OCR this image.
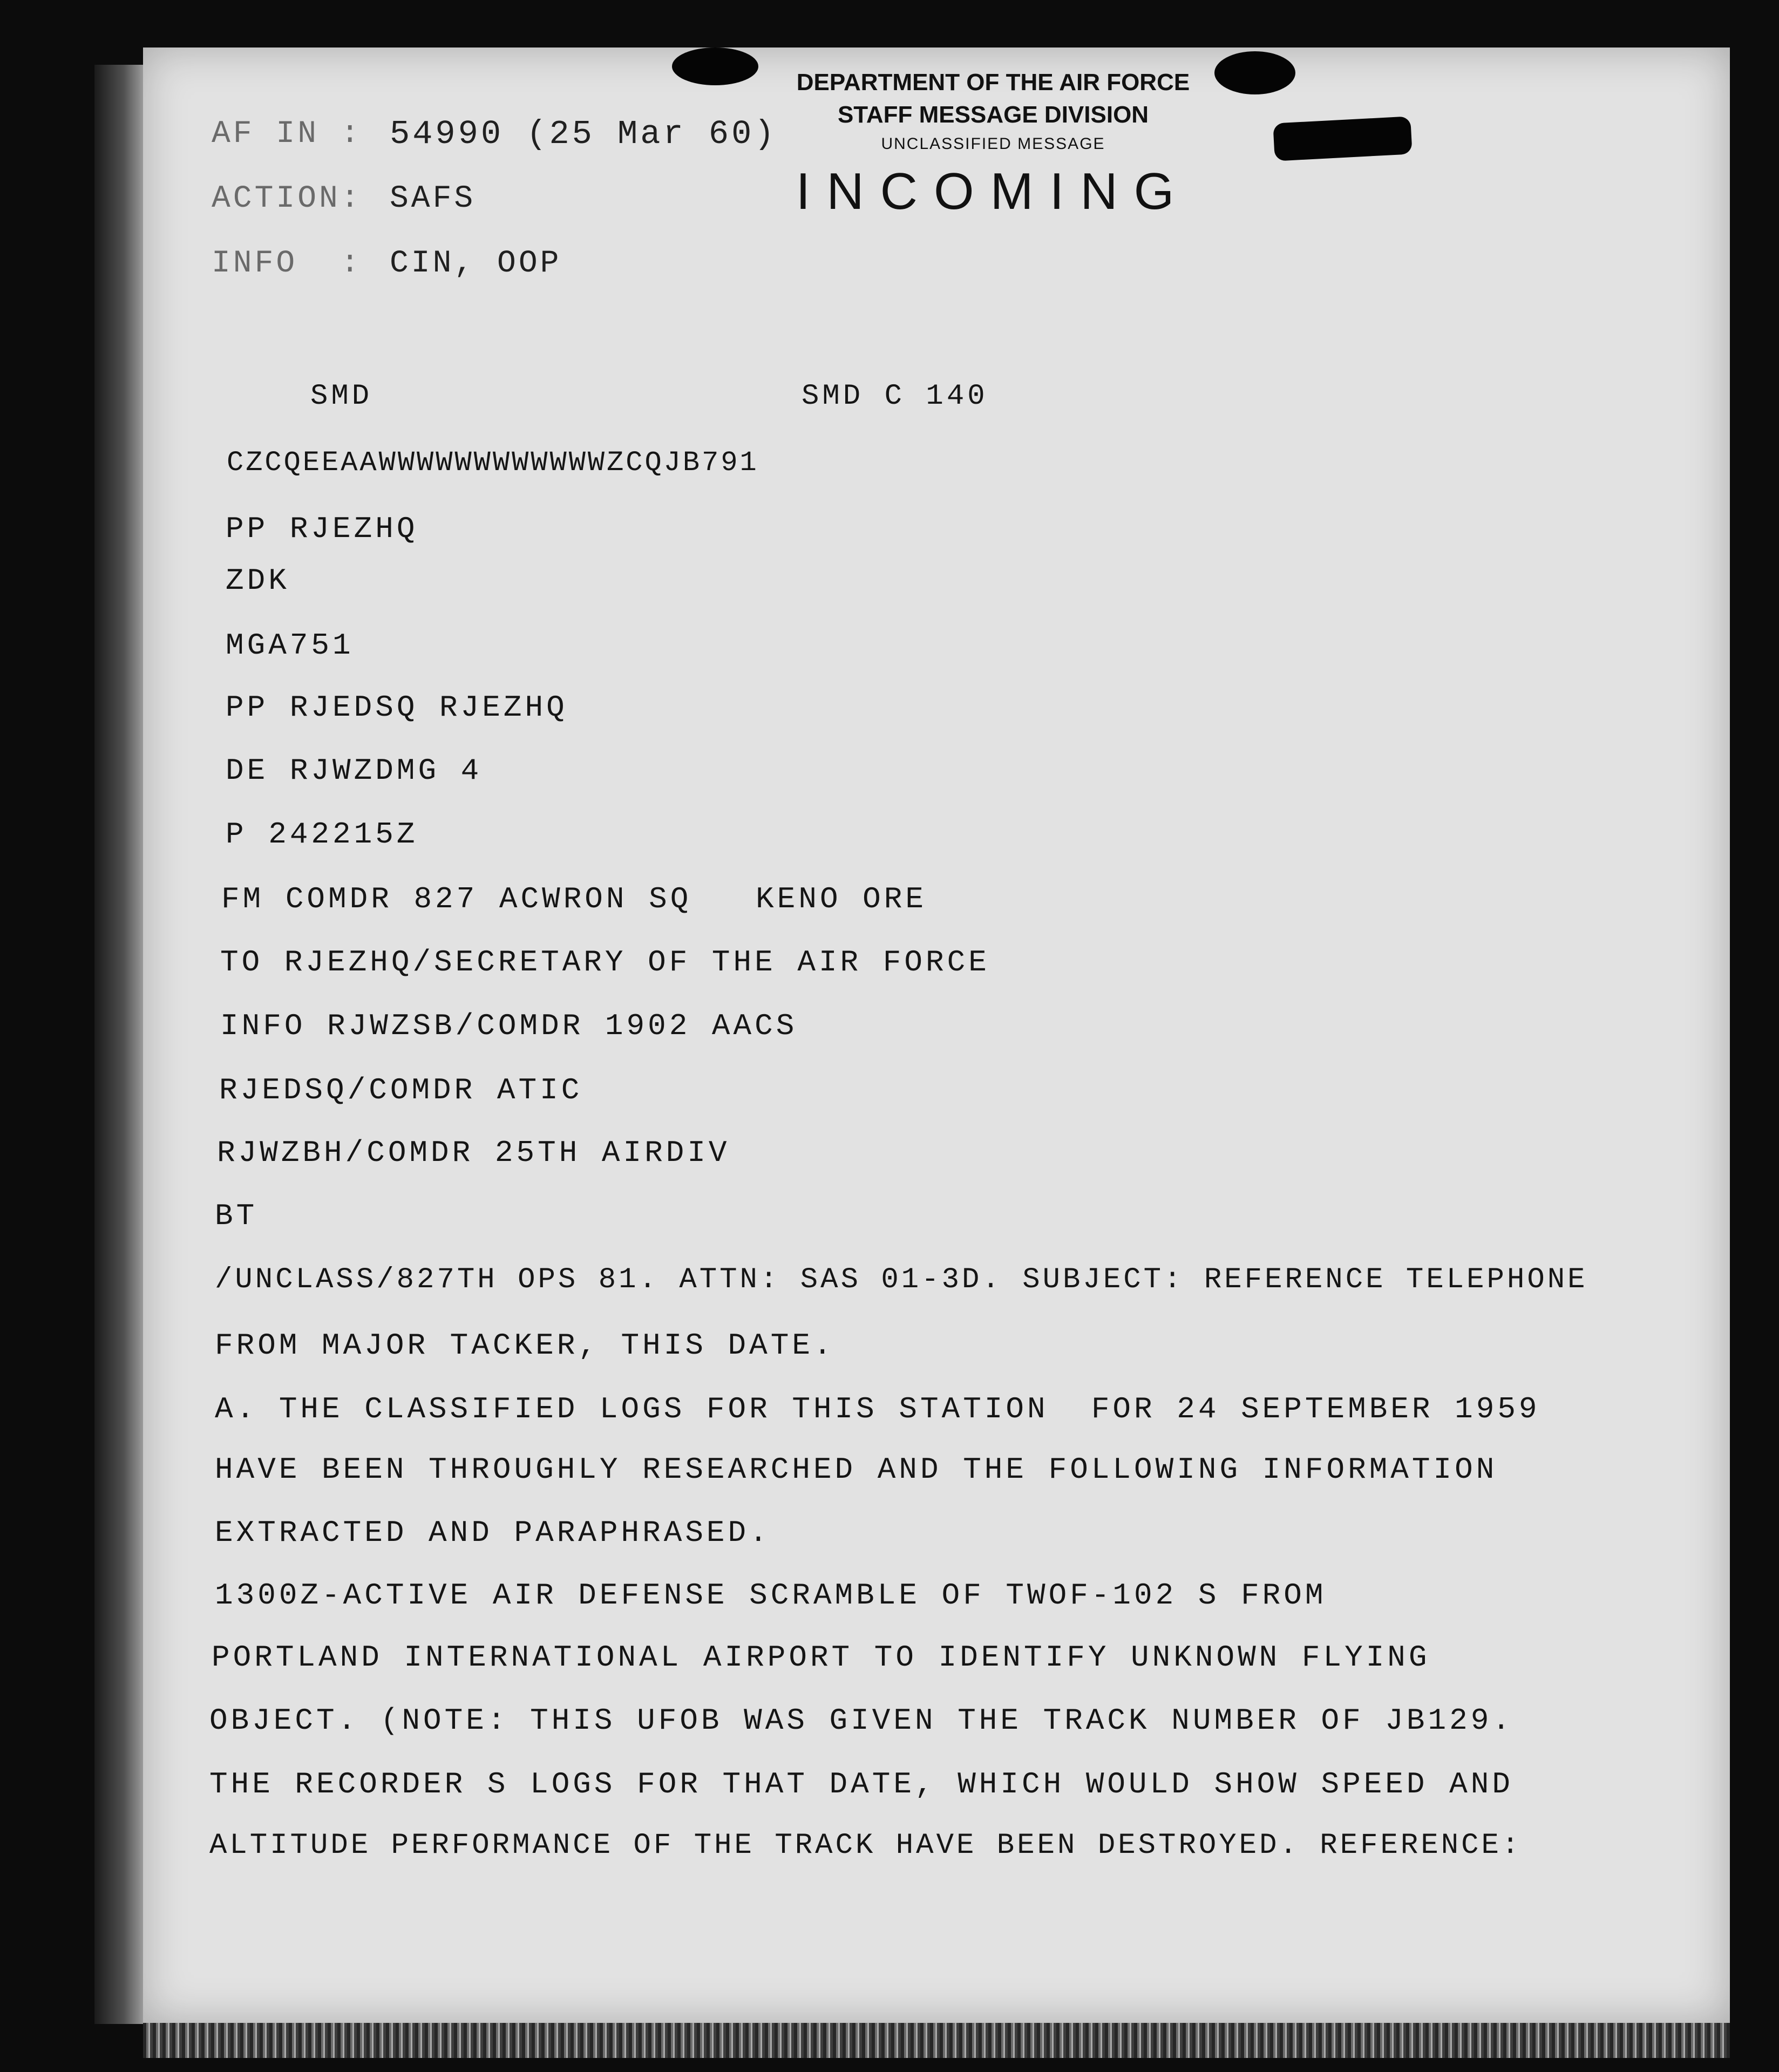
DEPARTMENT OF THE AIR FORCE
STAFF MESSAGE DIVISION
UNCLASSIFIED MESSAGE
INCOMING
AF IN : 54990 (25 Mar 60)
ACTION: SAFS
INFO  : CIN, OOP
SMD	SMD C 140
CZCQEEAAWWWWWWWWWWWWZCQJB791
PP RJEZHQ
ZDK
MGA751
PP RJEDSQ RJEZHQ
DE RJWZDMG 4
P 242215Z
FM COMDR 827 ACWRON SQ   KENO ORE
TO RJEZHQ/SECRETARY OF THE AIR FORCE
INFO RJWZSB/COMDR 1902 AACS
RJEDSQ/COMDR ATIC
RJWZBH/COMDR 25TH AIRDIV
BT
/UNCLASS/827TH OPS 81. ATTN: SAS 01-3D. SUBJECT: REFERENCE TELEPHONE
FROM MAJOR TACKER, THIS DATE.
A. THE CLASSIFIED LOGS FOR THIS STATION  FOR 24 SEPTEMBER 1959
HAVE BEEN THROUGHLY RESEARCHED AND THE FOLLOWING INFORMATION
EXTRACTED AND PARAPHRASED.
1300Z-ACTIVE AIR DEFENSE SCRAMBLE OF TWOF-102 S FROM
PORTLAND INTERNATIONAL AIRPORT TO IDENTIFY UNKNOWN FLYING
OBJECT. (NOTE: THIS UFOB WAS GIVEN THE TRACK NUMBER OF JB129.
THE RECORDER S LOGS FOR THAT DATE, WHICH WOULD SHOW SPEED AND
ALTITUDE PERFORMANCE OF THE TRACK HAVE BEEN DESTROYED. REFERENCE:
